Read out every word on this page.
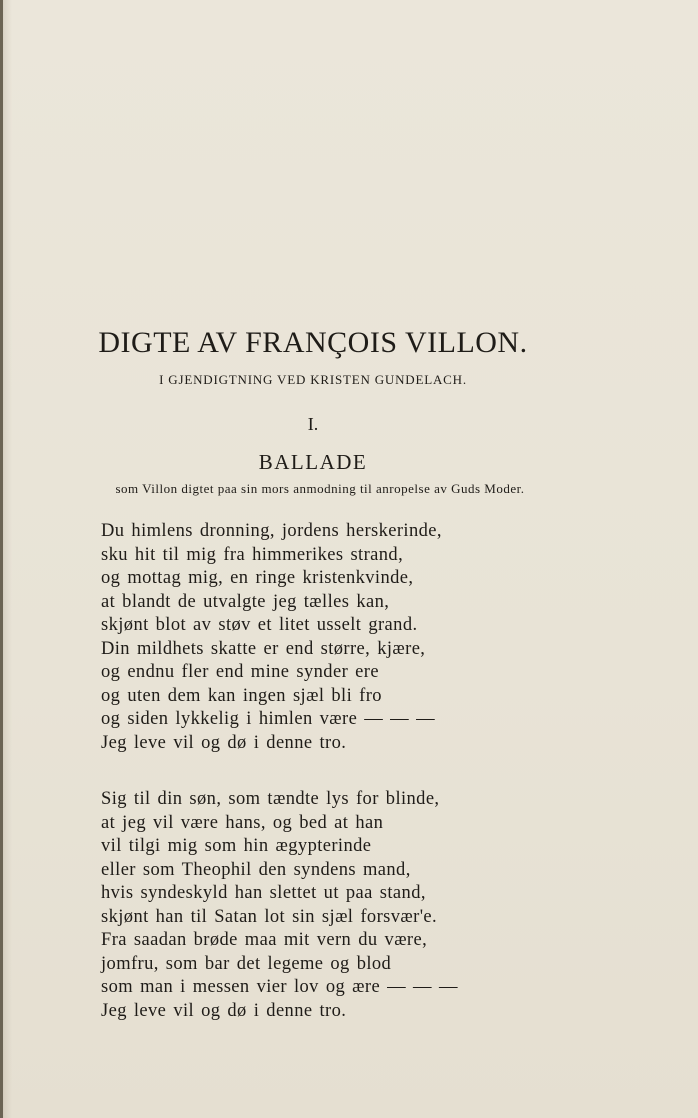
DIGTE AV FRANÇOIS VILLON.
I GJENDIGTNING VED KRISTEN GUNDELACH.
I.
BALLADE
som Villon digtet paa sin mors anmodning til anropelse av Guds Moder.
Du himlens dronning, jordens herskerinde,
sku hit til mig fra himmerikes strand,
og mottag mig, en ringe kristenkvinde,
at blandt de utvalgte jeg tælles kan,
skjønt blot av støv et litet usselt grand.
Din mildhets skatte er end større, kjære,
og endnu fler end mine synder ere
og uten dem kan ingen sjæl bli fro
og siden lykkelig i himlen være — — —
Jeg leve vil og dø i denne tro.
Sig til din søn, som tændte lys for blinde,
at jeg vil være hans, og bed at han
vil tilgi mig som hin ægypterinde
eller som Theophil den syndens mand,
hvis syndeskyld han slettet ut paa stand,
skjønt han til Satan lot sin sjæl forsvær'e.
Fra saadan brøde maa mit vern du være,
jomfru, som bar det legeme og blod
som man i messen vier lov og ære — — —
Jeg leve vil og dø i denne tro.
